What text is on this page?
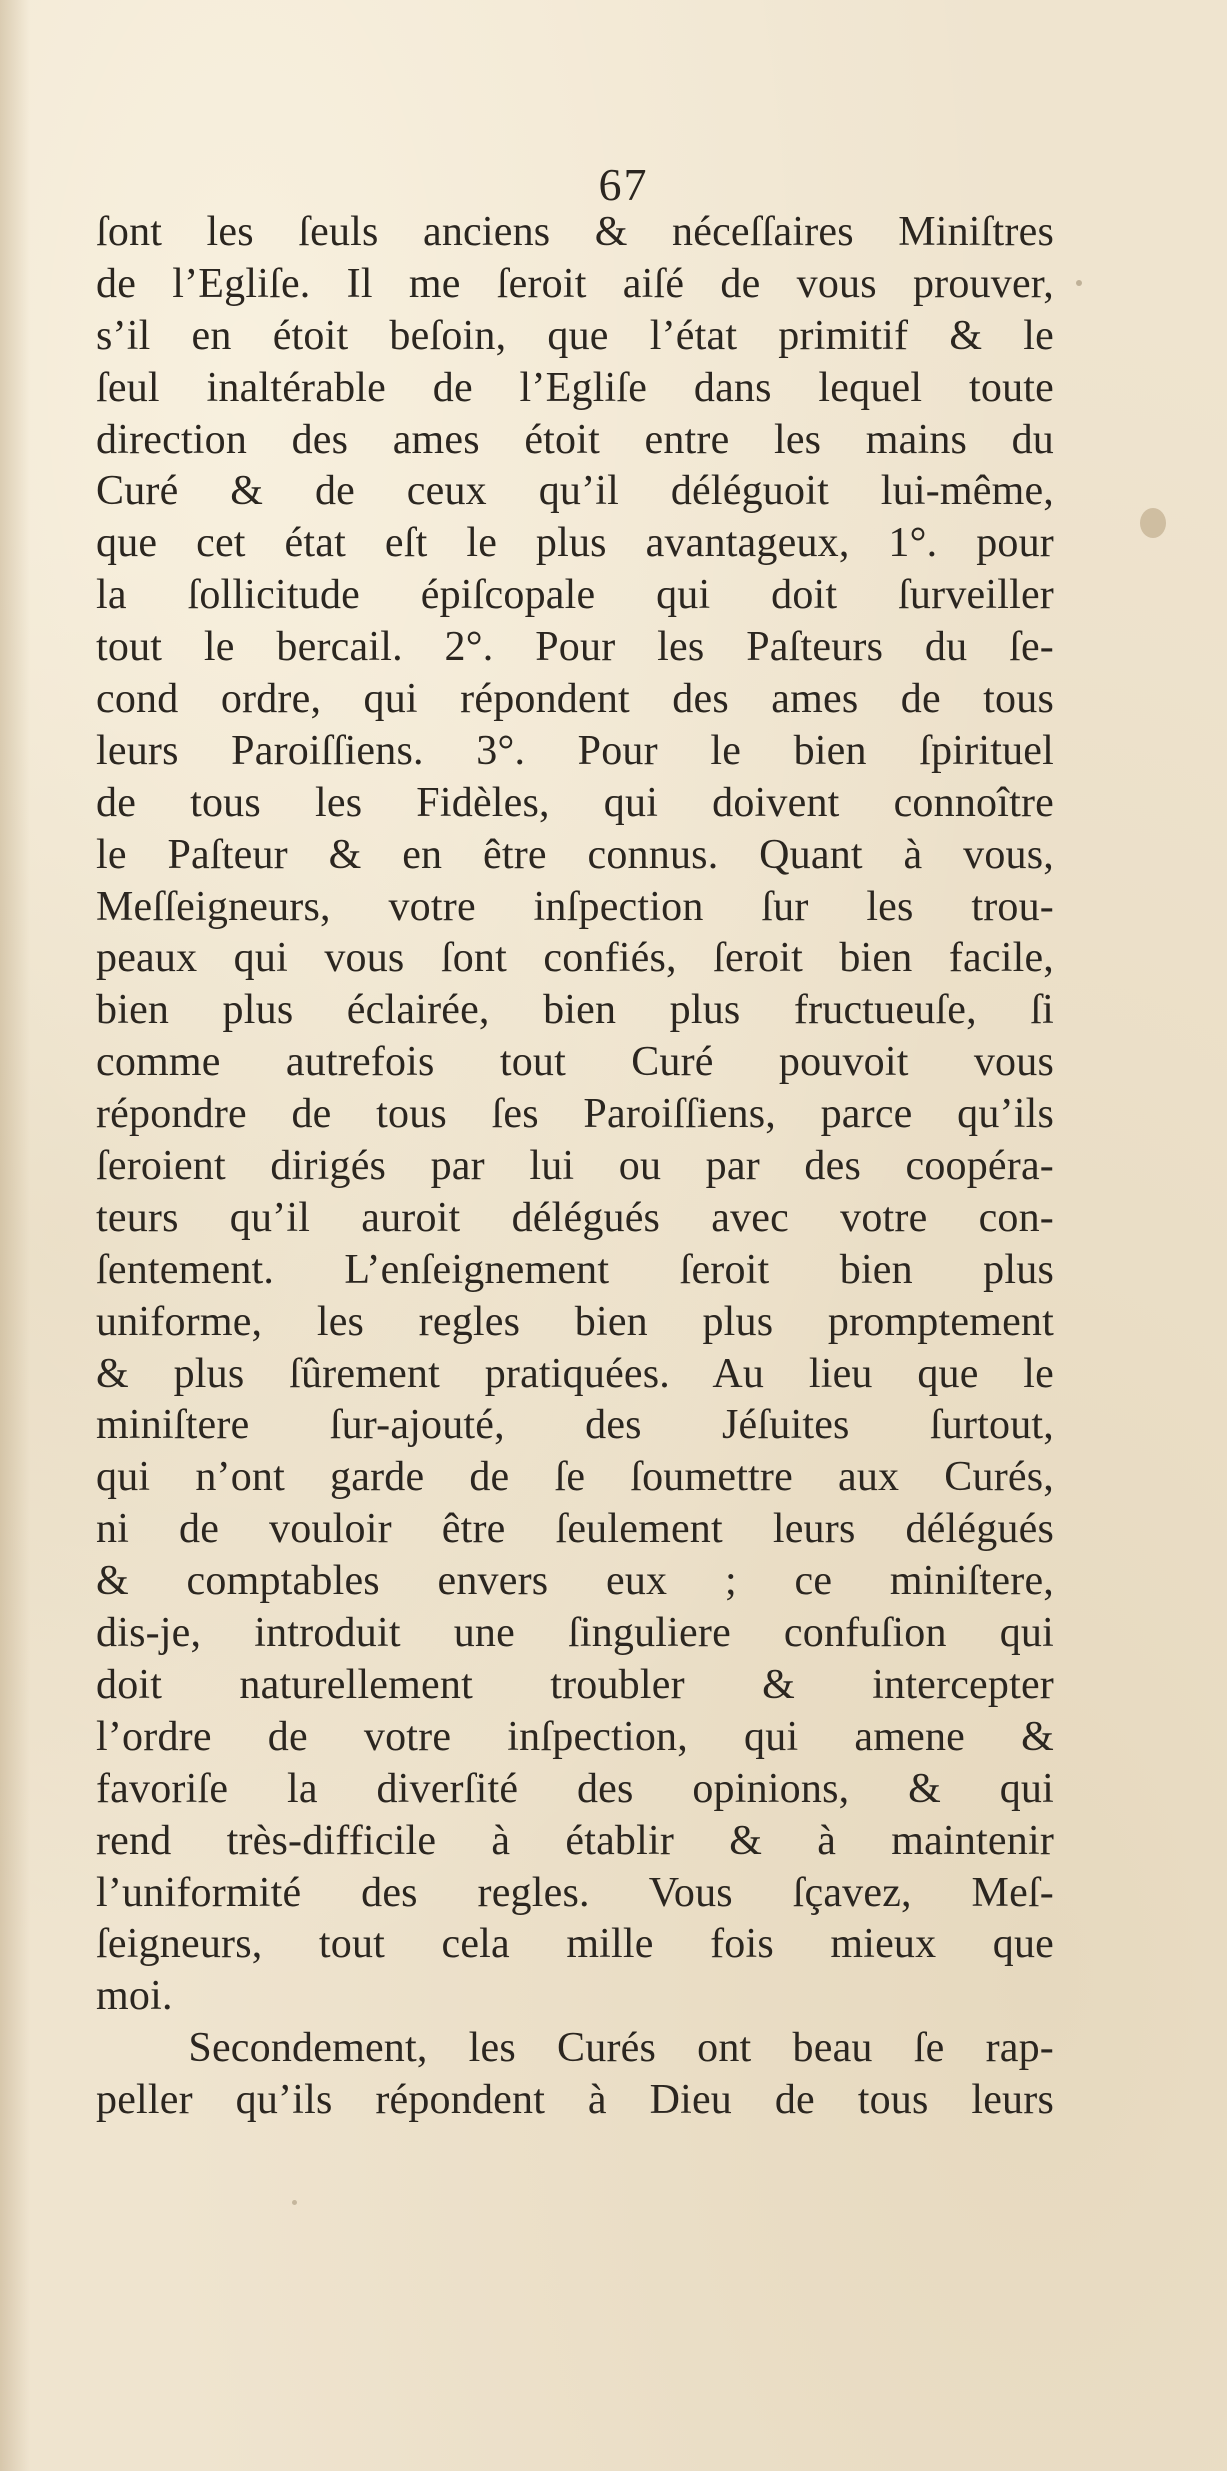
67
ſont les ſeuls anciens & néceſſaires Miniſtres
de l’Egliſe. Il me ſeroit aiſé de vous prouver,
s’il en étoit beſoin, que l’état primitif & le
ſeul inaltérable de l’Egliſe dans lequel toute
direction des ames étoit entre les mains du
Curé & de ceux qu’il déléguoit lui-même,
que cet état eſt le plus avantageux, 1°. pour
la ſollicitude épiſcopale qui doit ſurveiller
tout le bercail. 2°. Pour les Paſteurs du ſe-
cond ordre, qui répondent des ames de tous
leurs Paroiſſiens. 3°. Pour le bien ſpirituel
de tous les Fidèles, qui doivent connoître
le Paſteur & en être connus. Quant à vous,
Meſſeigneurs, votre inſpection ſur les trou-
peaux qui vous ſont confiés, ſeroit bien facile,
bien plus éclairée, bien plus fructueuſe, ſi
comme autrefois tout Curé pouvoit vous
répondre de tous ſes Paroiſſiens, parce qu’ils
ſeroient dirigés par lui ou par des coopéra-
teurs qu’il auroit délégués avec votre con-
ſentement. L’enſeignement ſeroit bien plus
uniforme, les regles bien plus promptement
& plus ſûrement pratiquées. Au lieu que le
miniſtere ſur-ajouté, des Jéſuites ſurtout,
qui n’ont garde de ſe ſoumettre aux Curés,
ni de vouloir être ſeulement leurs délégués
& comptables envers eux ; ce miniſtere,
dis-je, introduit une ſinguliere confuſion qui
doit naturellement troubler & intercepter
l’ordre de votre inſpection, qui amene &
favoriſe la diverſité des opinions, & qui
rend très-difficile à établir & à maintenir
l’uniformité des regles. Vous ſçavez, Meſ-
ſeigneurs, tout cela mille fois mieux que
moi.
Secondement, les Curés ont beau ſe rap-
peller qu’ils répondent à Dieu de tous leurs
